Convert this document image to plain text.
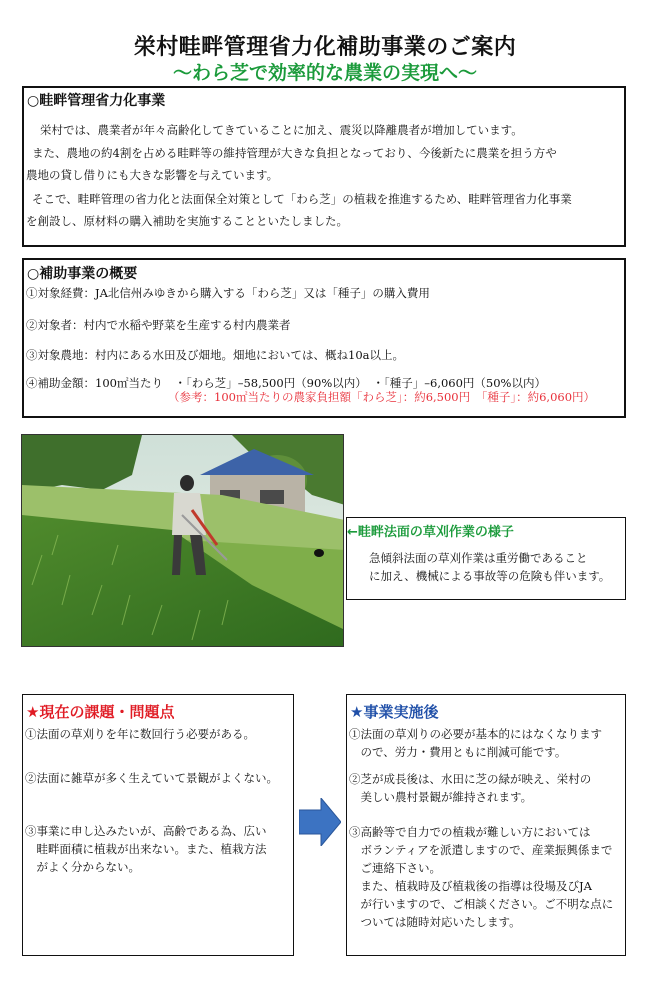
栄村畦畔管理省力化補助事業のご案内
～わら芝で効率的な農業の実現へ～
○畦畔管理省力化事業

栄村では、農業者が年々高齢化してきていることに加え、震災以降離農者が増加しています。

また、農地の約4割を占める畦畔等の維持管理が大きな負担となっており、今後新たに農業を担う方や

農地の貸し借りにも大きな影響を与えています。

そこで、畦畔管理の省力化と法面保全対策として「わら芝」の植栽を推進するため、畦畔管理省力化事業

を創設し、原材料の購入補助を実施することといたしました。

○補助事業の概要

①対象経費：JA北信州みゆきから購入する「わら芝」又は「種子」の購入費用

②対象者：村内で水稲や野菜を生産する村内農業者

③対象農地：村内にある水田及び畑地。畑地においては、概ね10a以上。

④補助金額：100㎡当たり　・「わら芝」–58,500円（90%以内）　・「種子」–6,060円（50%以内）

（参考：100㎡当たりの農家負担額「わら芝」：約6,500円　「種子」：約6,060円）

←畦畔法面の草刈作業の様子

急傾斜法面の草刈作業は重労働であること

に加え、機械による事故等の危険も伴います。

★現在の課題・問題点

①法面の草刈りを年に数回行う必要がある。

②法面に雑草が多く生えていて景観がよくない。

③事業に申し込みたいが、高齢である為、広い

　畦畔面積に植栽が出来ない。また、植栽方法

　がよく分からない。

★事業実施後

①法面の草刈りの必要が基本的にはなくなります

　ので、労力・費用ともに削減可能です。

②芝が成長後は、水田に芝の緑が映え、栄村の

　美しい農村景観が維持されます。

③高齢等で自力での植栽が難しい方においては

　ボランティアを派遣しますので、産業振興係まで

　ご連絡下さい。

　また、植栽時及び植栽後の指導は役場及びJA

　が行いますので、ご相談ください。ご不明な点に

　ついては随時対応いたします。
